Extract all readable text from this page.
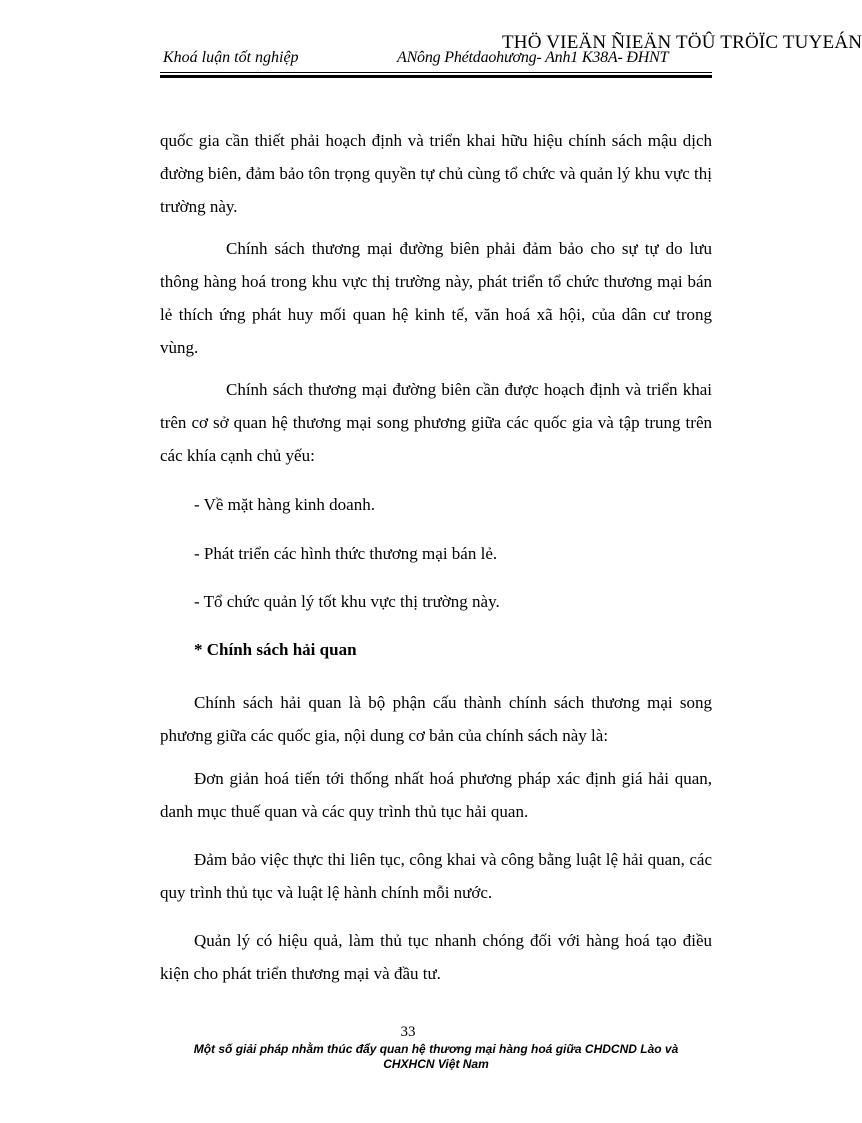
Khoá luận tốt nghiệp	ANông Phétdaohương- Anh1 K38A- ĐHNT
THÖ VIEÄN ÑIEÄN TÖÛ TRÖÏC TUYEÁN
quốc gia cần thiết phải hoạch định và triển khai hữu hiệu chính sách mậu dịch đường biên, đảm bảo tôn trọng quyền tự chủ cùng tổ chức và quản lý khu vực thị trường này.
Chính sách thương mại đường biên phải đảm bảo cho sự tự do lưu thông hàng hoá trong khu vực thị trường này, phát triển tổ chức thương mại bán lẻ thích ứng phát huy mối quan hệ kinh tế, văn hoá xã hội, của dân cư trong vùng.
Chính sách thương mại đường biên cần được hoạch định và triển khai trên cơ sở quan hệ thương mại song phương giữa các quốc gia và tập trung trên các khía cạnh chủ yếu:
- Về mặt hàng kinh doanh.
- Phát triển các hình thức thương mại bán lẻ.
- Tổ chức quản lý tốt khu vực thị trường này.
* Chính sách hải quan
Chính sách hải quan là bộ phận cấu thành chính sách thương mại song phương giữa các quốc gia, nội dung cơ bản của chính sách này là:
Đơn giản hoá tiến tới thống nhất hoá phương pháp xác định giá hải quan, danh mục thuế quan và các quy trình thủ tục hải quan.
Đảm bảo việc thực thi liên tục, công khai và công bằng luật lệ hải quan, các quy trình thủ tục và luật lệ hành chính mỗi nước.
Quản lý có hiệu quả, làm thủ tục nhanh chóng đối với hàng hoá tạo điều kiện cho phát triển thương mại và đầu tư.
33
Một số giải pháp nhằm thúc đẩy quan hệ thương mại hàng hoá giữa CHDCND Lào và
CHXHCN Việt Nam
